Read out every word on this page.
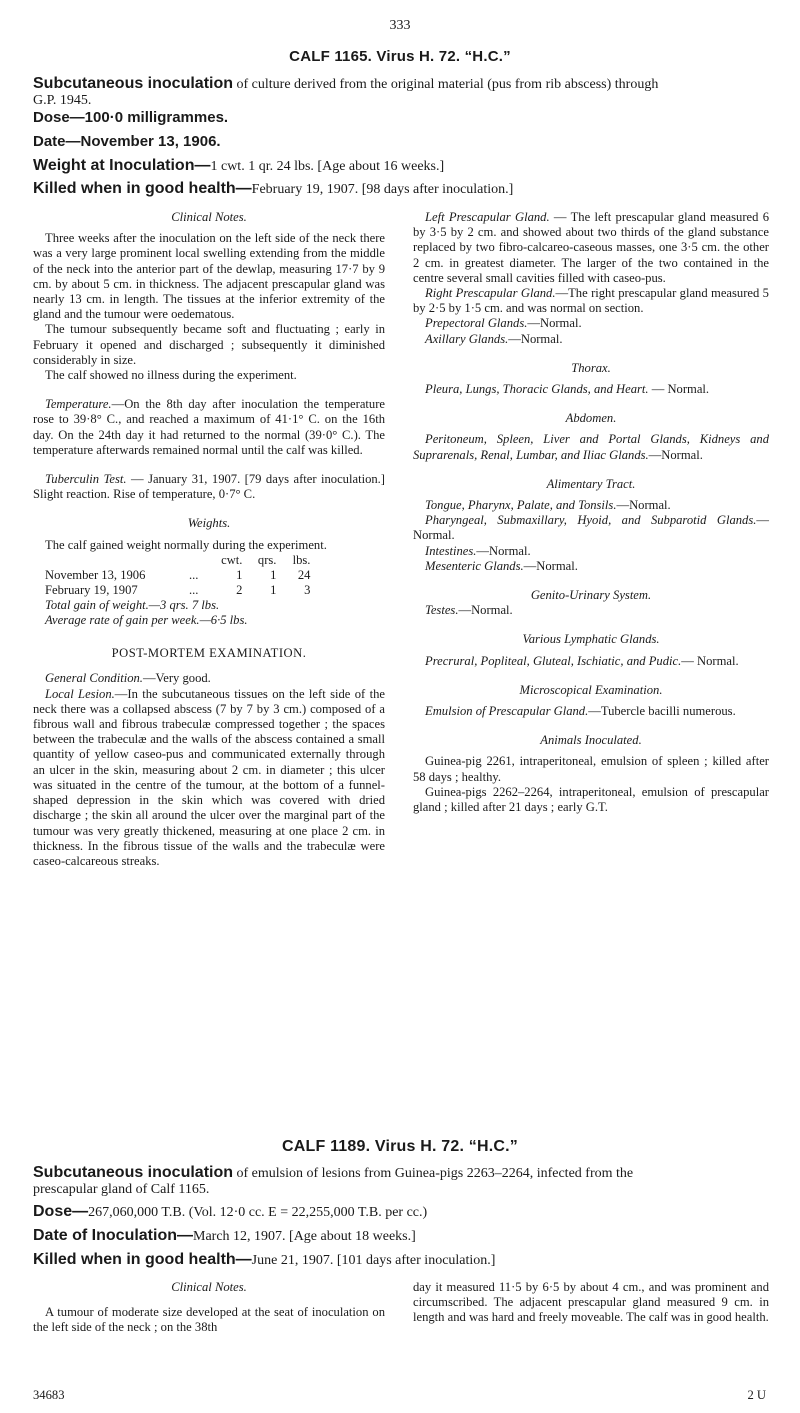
333
CALF 1165. Virus H. 72. “H.C.”
Subcutaneous inoculation of culture derived from the original material (pus from rib abscess) through
G.P. 1945.
Dose—100·0 milligrammes.
Date—November 13, 1906.
Weight at Inoculation—1 cwt. 1 qr. 24 lbs. [Age about 16 weeks.]
Killed when in good health—February 19, 1907. [98 days after inoculation.]

Clinical Notes.

Three weeks after the inoculation on the left side of the neck there was a very large prominent local swelling extending from the middle of the neck into the anterior part of the dewlap, measuring 17·7 by 9 cm. by about 5 cm. in thickness. The adjacent prescapular gland was nearly 13 cm. in length. The tissues at the inferior extremity of the gland and the tumour were oedematous.

The tumour subsequently became soft and fluctuating ; early in February it opened and discharged ; subsequently it diminished considerably in size.

The calf showed no illness during the experiment.

Temperature.—On the 8th day after inoculation the temperature rose to 39·8° C., and reached a maximum of 41·1° C. on the 16th day. On the 24th day it had returned to the normal (39·0° C.). The temperature afterwards remained normal until the calf was killed.

Tuberculin Test. — January 31, 1907. [79 days after inoculation.] Slight reaction. Rise of temperature, 0·7° C.

Weights.

The calf gained weight normally during the experiment.

		cwt.	qrs.	lbs.
November 13, 1906	...	1	1	24
February 19, 1907	...	2	1	3

Total gain of weight.—3 qrs. 7 lbs.

Average rate of gain per week.—6·5 lbs.

POST-MORTEM EXAMINATION.

General Condition.—Very good.

Local Lesion.—In the subcutaneous tissues on the left side of the neck there was a collapsed abscess (7 by 7 by 3 cm.) composed of a fibrous wall and fibrous trabeculæ compressed together ; the spaces between the trabeculæ and the walls of the abscess contained a small quantity of yellow caseo-pus and communicated externally through an ulcer in the skin, measuring about 2 cm. in diameter ; this ulcer was situated in the centre of the tumour, at the bottom of a funnel-shaped depression in the skin which was covered with dried discharge ; the skin all around the ulcer over the marginal part of the tumour was very greatly thickened, measuring at one place 2 cm. in thickness. In the fibrous tissue of the walls and the trabeculæ were caseo-calcareous streaks.

Left Prescapular Gland. — The left prescapular gland measured 6 by 3·5 by 2 cm. and showed about two thirds of the gland substance replaced by two fibro-calcareo-caseous masses, one 3·5 cm. the other 2 cm. in greatest diameter. The larger of the two contained in the centre several small cavities filled with caseo-pus.

Right Prescapular Gland.—The right prescapular gland measured 5 by 2·5 by 1·5 cm. and was normal on section.

Prepectoral Glands.—Normal.

Axillary Glands.—Normal.

Thorax.

Pleura, Lungs, Thoracic Glands, and Heart. — Normal.

Abdomen.

Peritoneum, Spleen, Liver and Portal Glands, Kidneys and Suprarenals, Renal, Lumbar, and Iliac Glands.—Normal.

Alimentary Tract.

Tongue, Pharynx, Palate, and Tonsils.—Normal.

Pharyngeal, Submaxillary, Hyoid, and Subparotid Glands.—Normal.

Intestines.—Normal.

Mesenteric Glands.—Normal.

Genito-Urinary System.

Testes.—Normal.

Various Lymphatic Glands.

Precrural, Popliteal, Gluteal, Ischiatic, and Pudic.— Normal.

Microscopical Examination.

Emulsion of Prescapular Gland.—Tubercle bacilli numerous.

Animals Inoculated.

Guinea-pig 2261, intraperitoneal, emulsion of spleen ; killed after 58 days ; healthy.

Guinea-pigs 2262–2264, intraperitoneal, emulsion of prescapular gland ; killed after 21 days ; early G.T.

CALF 1189. Virus H. 72. “H.C.”
Subcutaneous inoculation of emulsion of lesions from Guinea-pigs 2263–2264, infected from the
prescapular gland of Calf 1165.
Dose—267,060,000 T.B. (Vol. 12·0 cc. E = 22,255,000 T.B. per cc.)
Date of Inoculation—March 12, 1907. [Age about 18 weeks.]
Killed when in good health—June 21, 1907. [101 days after inoculation.]

Clinical Notes.

A tumour of moderate size developed at the seat of inoculation on the left side of the neck ; on the 38th

day it measured 11·5 by 6·5 by about 4 cm., and was prominent and circumscribed. The adjacent prescapular gland measured 9 cm. in length and was hard and freely moveable. The calf was in good health.

34683	2 U
